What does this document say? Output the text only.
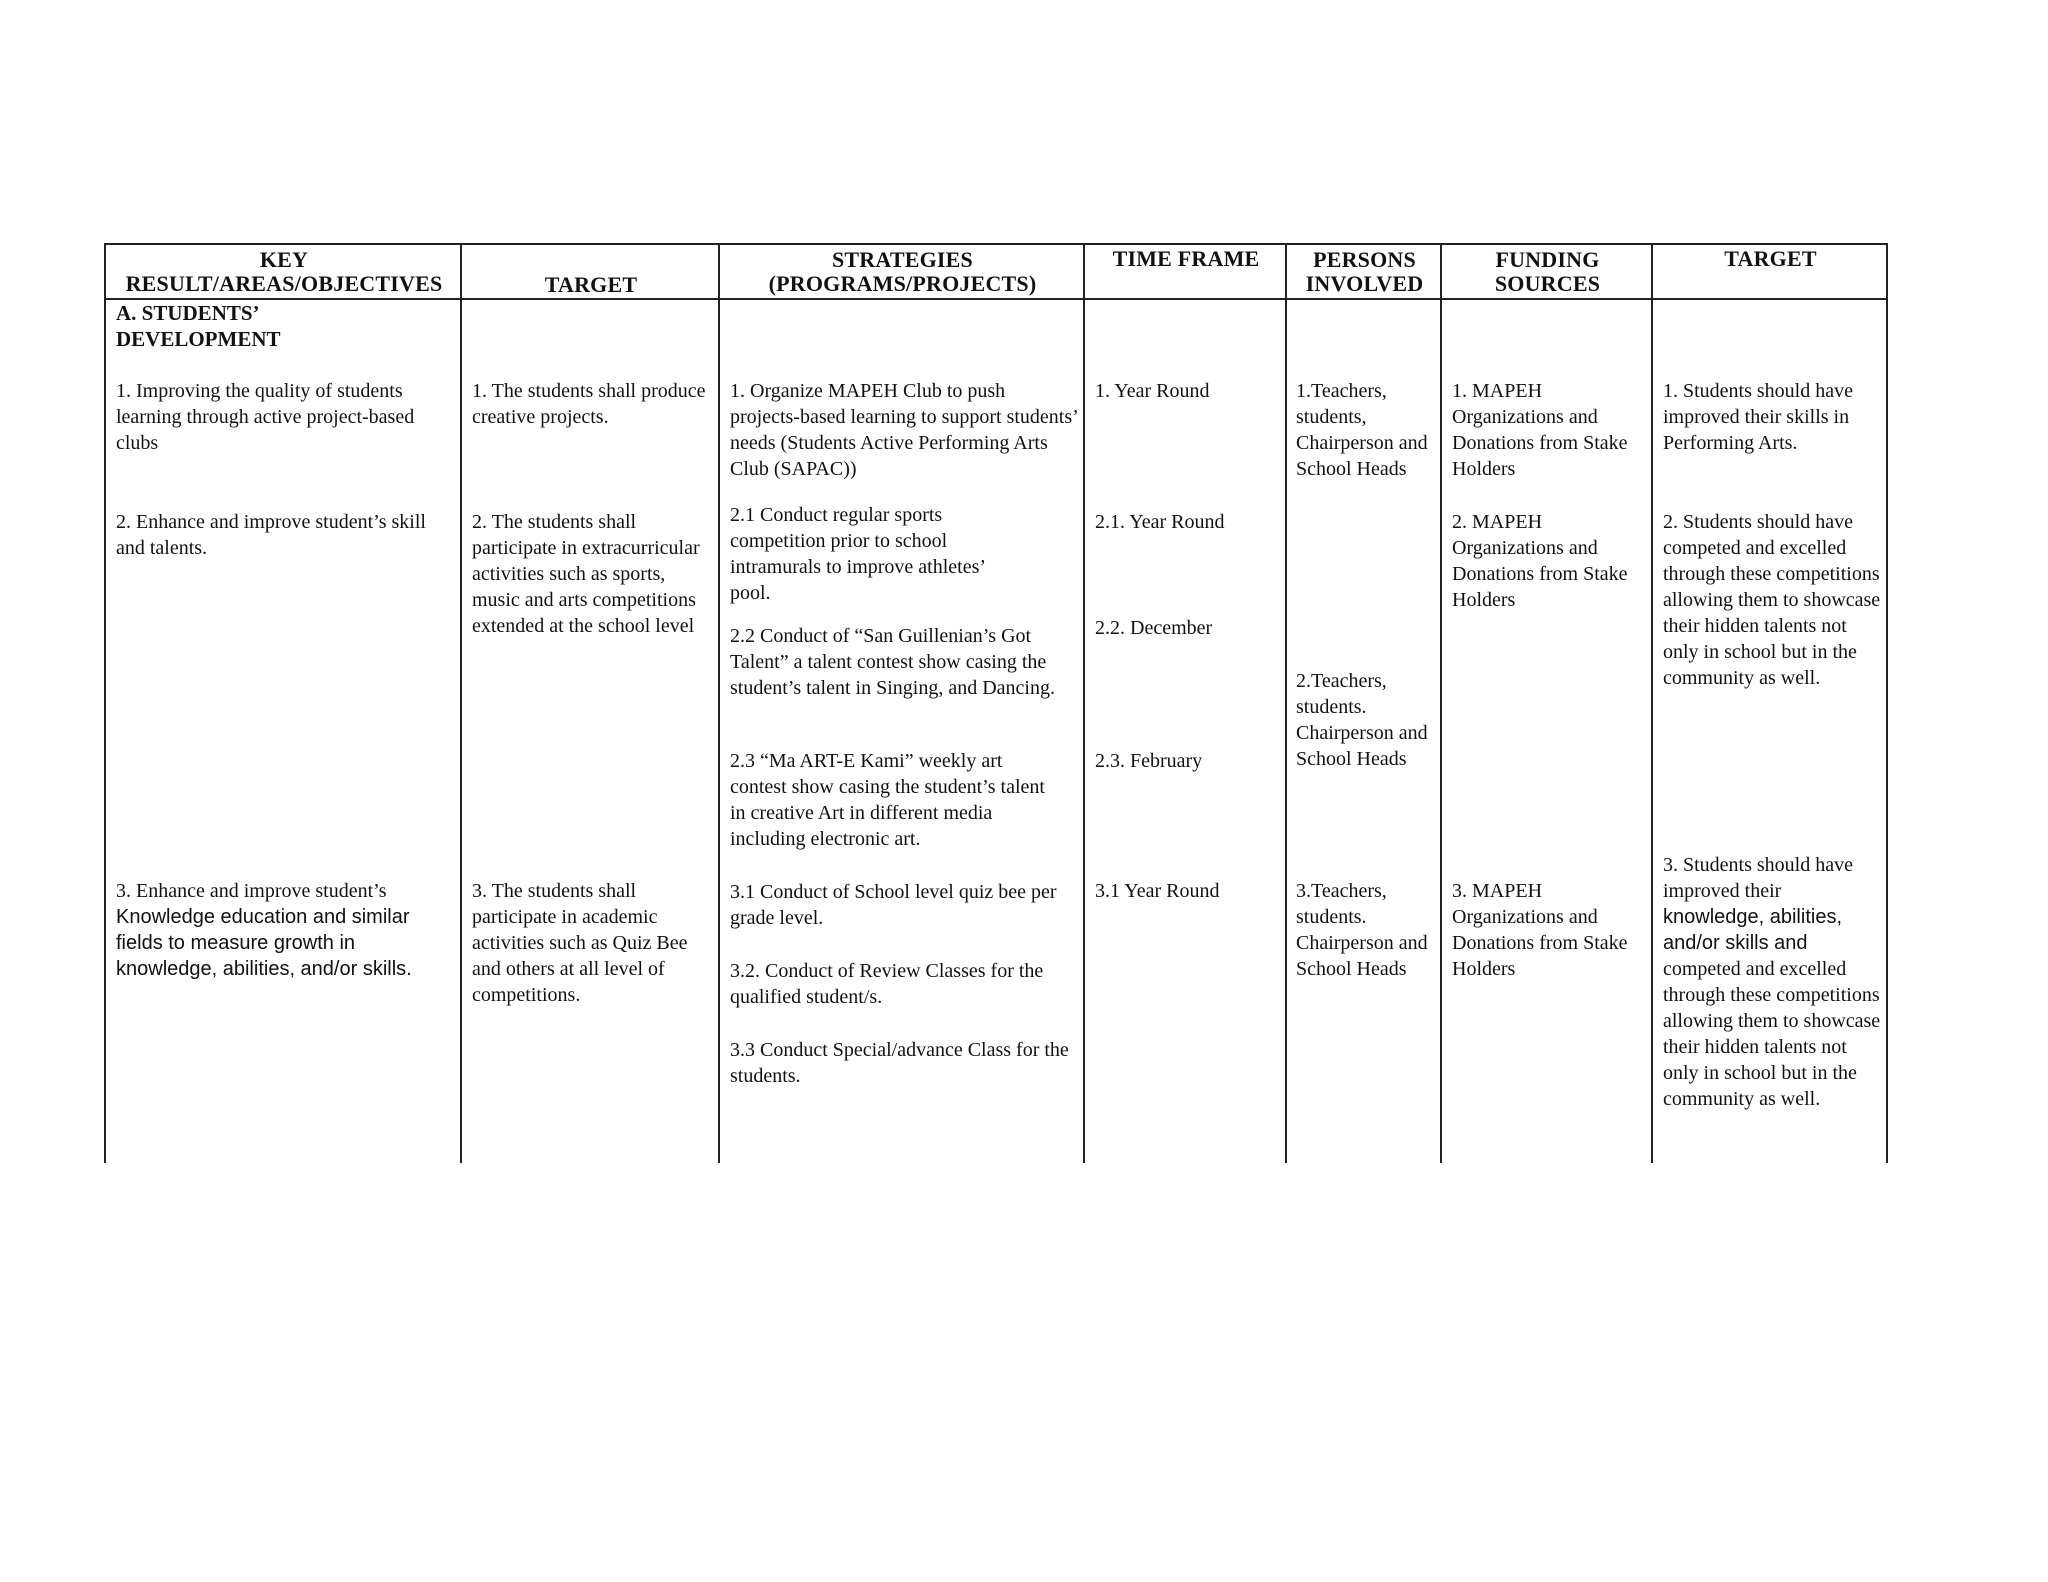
KEY
RESULT/AREAS/OBJECTIVES	TARGET
STRATEGIES
(PROGRAMS/PROJECTS)
TIME FRAME PERSONS
INVOLVED
FUNDING
SOURCES
TARGET
A. STUDENTS’
DEVELOPMENT
1. Improving the quality of students learning through active project-based clubs
2. Enhance and improve student’s skill and talents.
3. Enhance and improve student’s
Knowledge education and similar fields to measure growth in knowledge, abilities, and/or skills.
1. The students shall produce creative projects.
2. The students shall participate in extracurricular activities such as sports, music and arts competitions extended at the school level
3. The students shall participate in academic activities such as Quiz Bee and others at all level of competitions.
1. Organize MAPEH Club to push projects-based learning to support students’ needs (Students Active Performing Arts Club (SAPAC))
2.1 Conduct regular sports competition prior to school intramurals to improve athletes’ pool.
2.2 Conduct of “San Guillenian’s Got Talent” a talent contest show casing the student’s talent in Singing, and Dancing.
2.3 “Ma ART-E Kami” weekly art contest show casing the student’s talent in creative Art in different media including electronic art.
3.1 Conduct of School level quiz bee per grade level.
3.2. Conduct of Review Classes for the qualified student/s.
3.3 Conduct Special/advance Class for the students.
1. Year Round
2.1. Year Round
2.2. December
2.3. February
3.1 Year Round
1.Teachers, students, Chairperson and School Heads
2.Teachers, students. Chairperson and School Heads
3.Teachers, students. Chairperson and School Heads
1. MAPEH Organizations and Donations from Stake Holders
2. MAPEH Organizations and Donations from Stake Holders
3. MAPEH Organizations and Donations from Stake Holders
1. Students should have improved their skills in Performing Arts.
2. Students should have competed and excelled through these competitions allowing them to showcase their hidden talents not only in school but in the community as well.
3. Students should have improved their
knowledge, abilities, and/or skills and
competed and excelled through these competitions allowing them to showcase their hidden talents not only in school but in the community as well.
